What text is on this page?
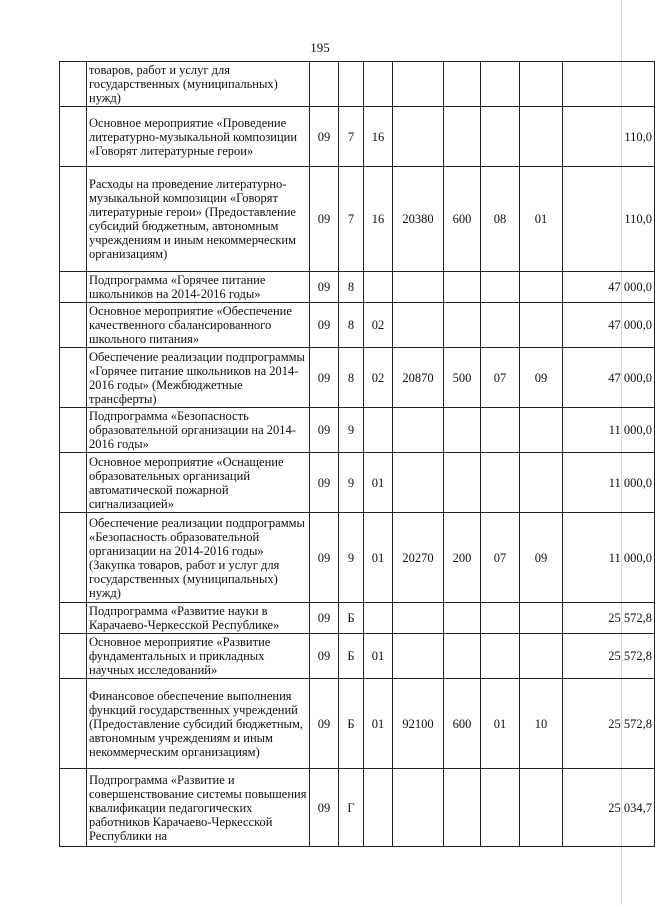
195
	товаров, работ и услуг для государственных (муниципальных) нужд)								
	Основное мероприятие «Проведение литературно-музыкальной композиции «Говорят литературные герои»	09	7	16					110,0
	Расходы на проведение литературно-музыкальной композиции «Говорят литературные герои» (Предоставление субсидий бюджетным, автономным учреждениям и иным некоммерческим организациям)	09	7	16	20380	600	08	01	110,0
	Подпрограмма «Горячее питание школьников на 2014-2016 годы»	09	8						47 000,0
	Основное мероприятие «Обеспечение качественного сбалансированного школьного питания»	09	8	02					47 000,0
	Обеспечение реализации подпрограммы «Горячее питание школьников на 2014-2016 годы» (Межбюджетные трансферты)	09	8	02	20870	500	07	09	47 000,0
	Подпрограмма «Безопасность образовательной организации на 2014-2016 годы»	09	9						11 000,0
	Основное мероприятие «Оснащение образовательных организаций автоматической пожарной сигнализацией»	09	9	01					11 000,0
	Обеспечение реализации подпрограммы «Безопасность образовательной организации на 2014-2016 годы» (Закупка товаров, работ и услуг для государственных (муниципальных) нужд)	09	9	01	20270	200	07	09	11 000,0
	Подпрограмма «Развитие науки в Карачаево-Черкесской Республике»	09	Б						25 572,8
	Основное мероприятие «Развитие фундаментальных и прикладных научных исследований»	09	Б	01					25 572,8
	Финансовое обеспечение выполнения функций государственных учреждений (Предоставление субсидий бюджетным, автономным учреждениям и иным некоммерческим организациям)	09	Б	01	92100	600	01	10	25 572,8
	Подпрограмма «Развитие и совершенствование системы повышения квалификации педагогических работников Карачаево-Черкесской Республики на	09	Г						25 034,7
